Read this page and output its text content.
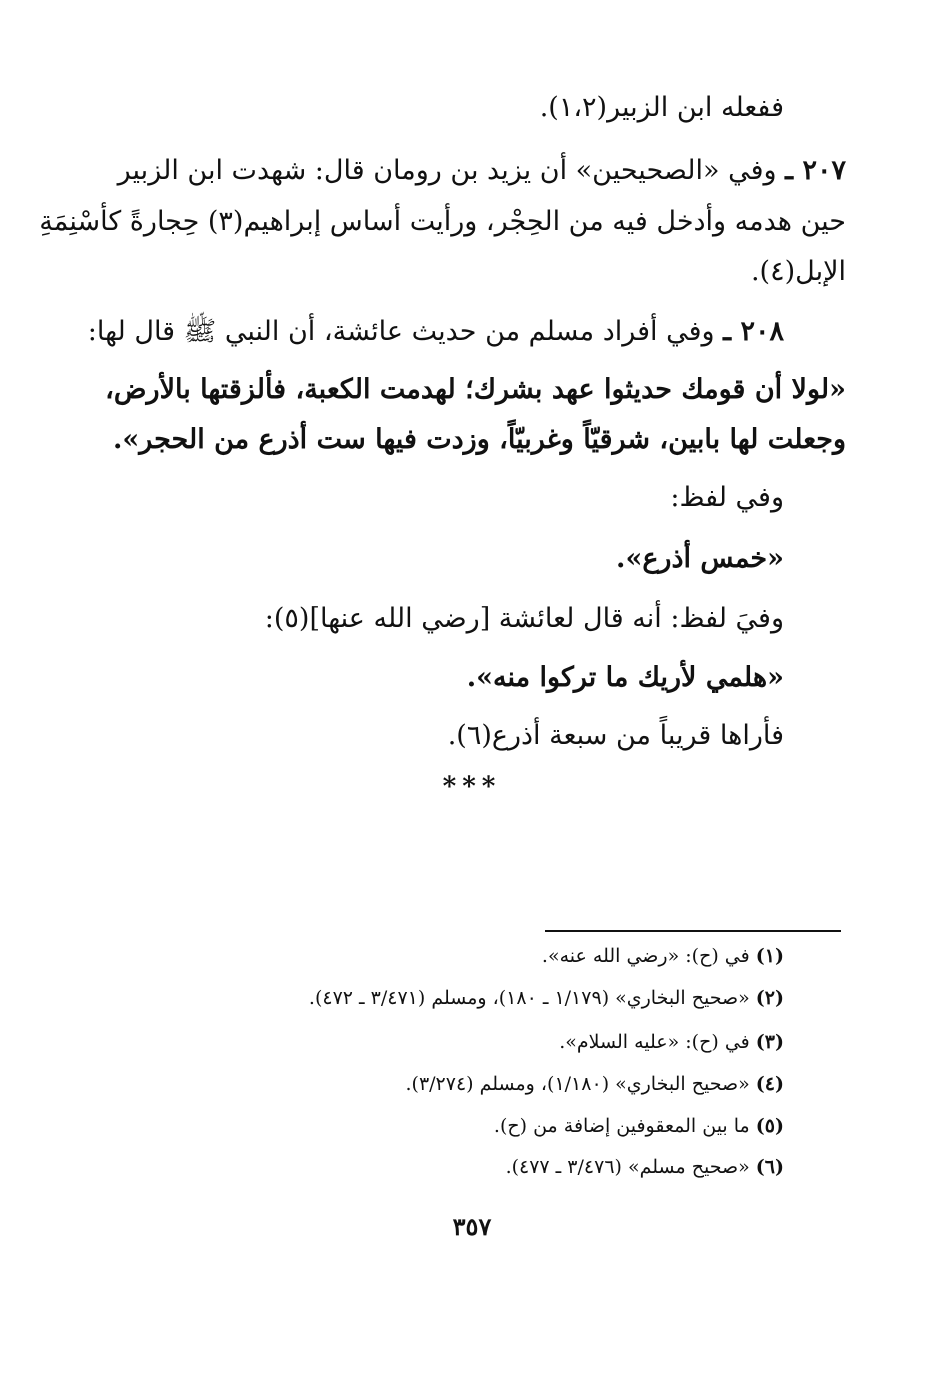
ففعله ابن الزبير(١،٢).
٢٠٧ ـ وفي «الصحيحين» أن يزيد بن رومان قال: شهدت ابن الزبير
حين هدمه وأدخل فيه من الحِجْر، ورأيت أساس إبراهيم(٣) حِجارةً كأسْنِمَةِ
الإبل(٤).
٢٠٨ ـ وفي أفراد مسلم من حديث عائشة، أن النبي ﷺ قال لها:
«لولا أن قومك حديثوا عهد بشرك؛ لهدمت الكعبة، فألزقتها بالأرض،
وجعلت لها بابين، شرقيّاً وغربيّاً، وزدت فيها ست أذرع من الحجر».
وفي لفظ:
«خمس أذرع».
وفيَ لفظ: أنه قال لعائشة [رضي الله عنها](٥):
«هلمي لأريك ما تركوا منه».
فأراها قريباً من سبعة أذرع(٦).
***
(١) في (ح): «رضي الله عنه».
(٢) «صحيح البخاري» (١/١٧٩ ـ ١٨٠)، ومسلم (٣/٤٧١ ـ ٤٧٢).
(٣) في (ح): «عليه السلام».
(٤) «صحيح البخاري» (١/١٨٠)، ومسلم (٣/٢٧٤).
(٥) ما بين المعقوفين إضافة من (ح).
(٦) «صحيح مسلم» (٣/٤٧٦ ـ ٤٧٧).
٣٥٧
